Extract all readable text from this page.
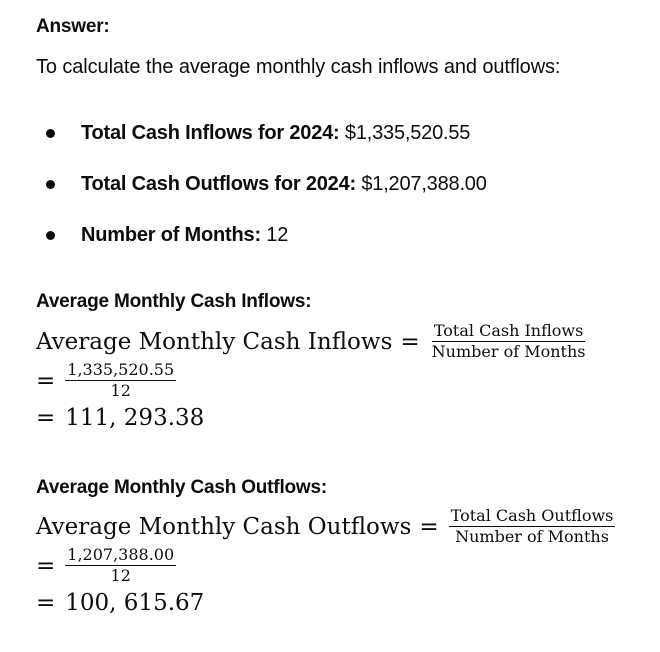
Answer:
To calculate the average monthly cash inflows and outflows:
Total Cash Inflows for 2024: $1,335,520.55
Total Cash Outflows for 2024: $1,207,388.00
Number of Months: 12
Average Monthly Cash Inflows:
Average Monthly Cash Inflows = $\frac{\text{Total Cash Inflows}}{\text{Number of Months}}$
= $\frac{1,335,520.55}{12}$
= 111, 293.38
Average Monthly Cash Outflows:
Average Monthly Cash Outflows = $\frac{\text{Total Cash Outflows}}{\text{Number of Months}}$
= $\frac{1,207,388.00}{12}$
= 100, 615.67
